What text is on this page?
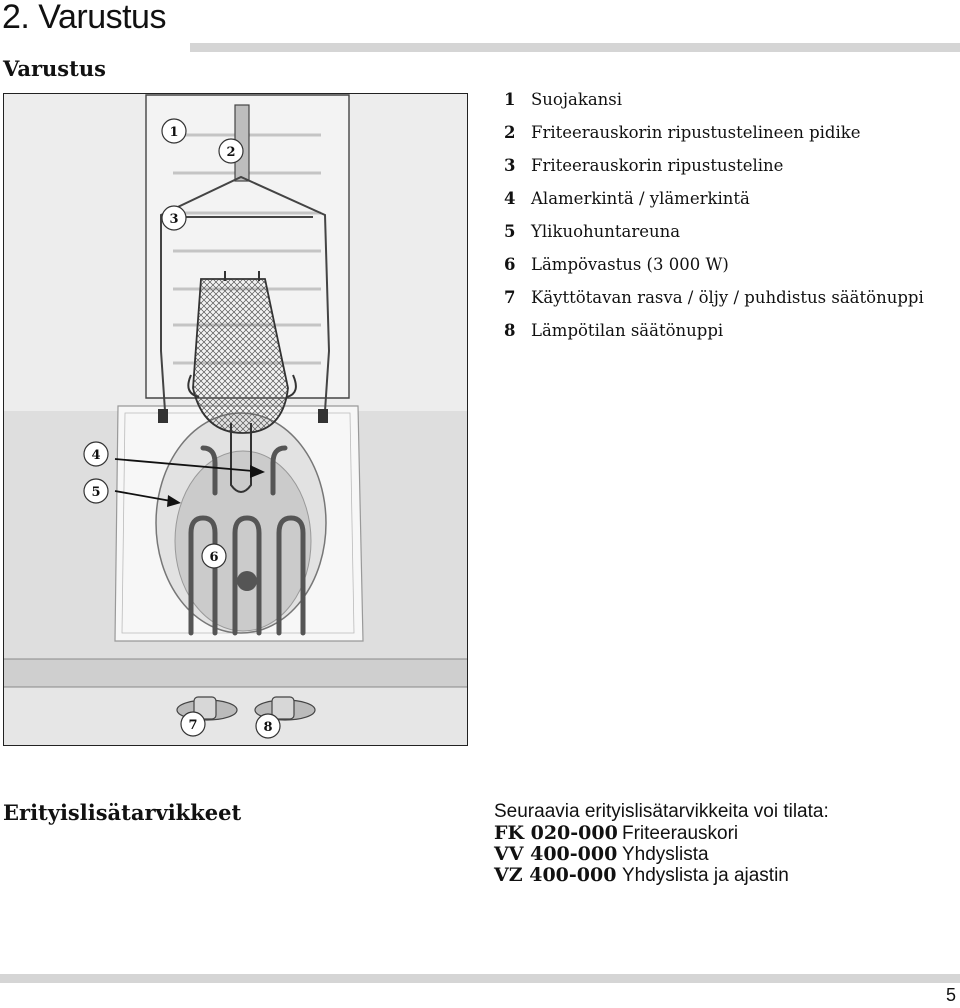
2. Varustus
Varustus
1
2
3
4
5
6
7	8
1 Suojakansi
2 Friteerauskorin ripustustelineen pidike
3 Friteerauskorin ripustusteline
4 Alamerkintä / ylämerkintä
5 Ylikuohuntareuna
6 Lämpövastus (3 000 W)
7 Käyttötavan rasva / öljy / puhdistus säätönuppi
8 Lämpötilan säätönuppi
Erityislisätarvikkeet	Seuraavia erityislisätarvikkeita voi tilata:
FK 020-000	Friteerauskori
VV 400-000	Yhdyslista
VZ 400-000	Yhdyslista ja ajastin
5
